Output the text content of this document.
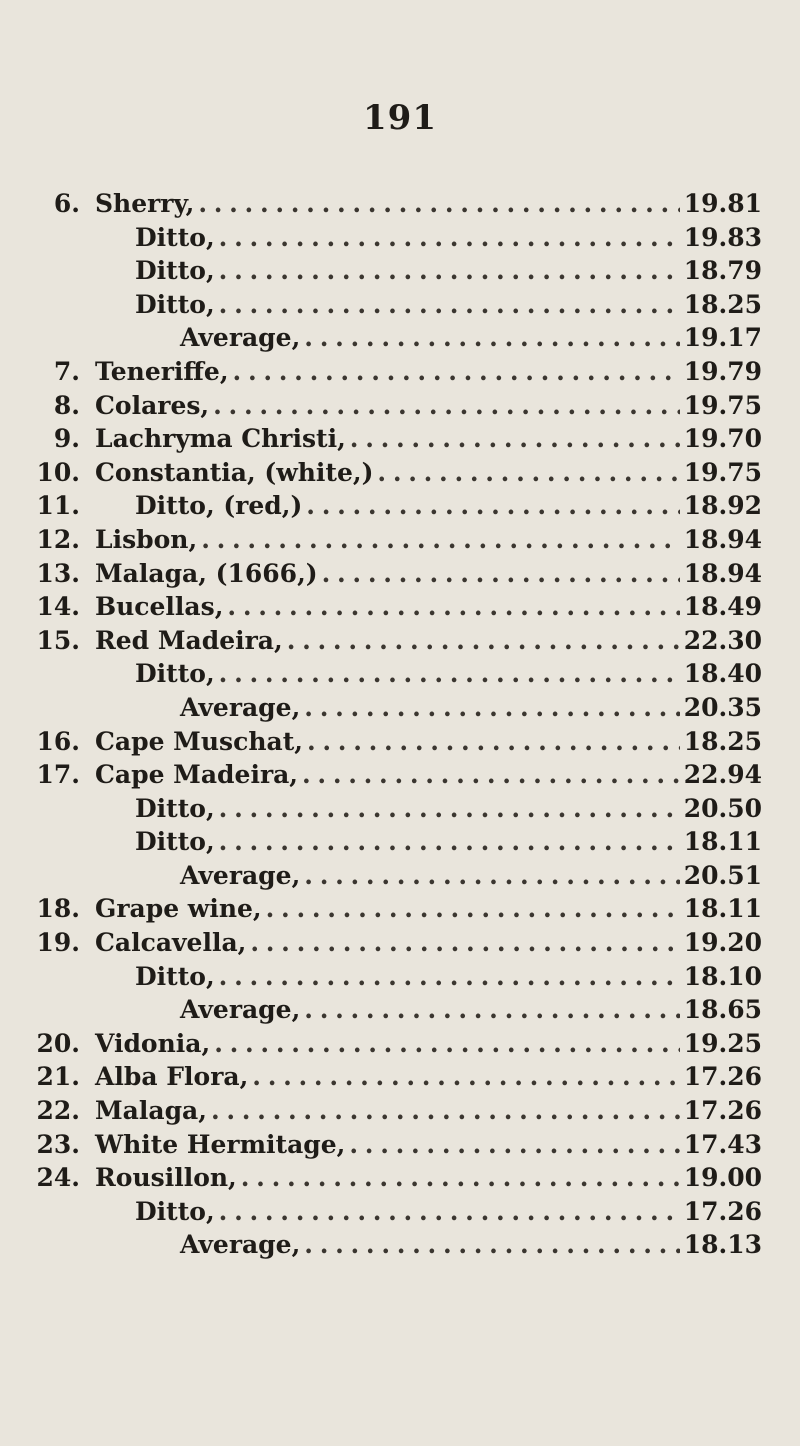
191
6. Sherry, . . .	19.81
Ditto, . . .	19.83
Ditto, . . .	18.79
Ditto, . . .	18.25
Average, . . .	19.17
7. Teneriffe, . . .	19.79
8. Colares, . . .	19.75
9. Lachryma Christi, . . .	19.70
10. Constantia, (white,) . . .	19.75
11. Ditto, (red,) . . .	18.92
12. Lisbon, . . .	18.94
13. Malaga, (1666,) . . .	18.94
14. Bucellas, . . .	18.49
15. Red Madeira, . . .	22.30
Ditto, . . .	18.40
Average, . . .	20.35
16. Cape Muschat, . . .	18.25
17. Cape Madeira, . . .	22.94
Ditto, . . .	20.50
Ditto, . . .	18.11
Average, . . .	20.51
18. Grape wine, . . .	18.11
19. Calcavella, . . .	19.20
Ditto, . . .	18.10
Average, . . .	18.65
20. Vidonia, . . .	19.25
21. Alba Flora, . . .	17.26
22. Malaga, . . .	17.26
23. White Hermitage, . . .	17.43
24. Rousillon, . . .	19.00
Ditto, . . .	17.26
Average, . . .	18.13
